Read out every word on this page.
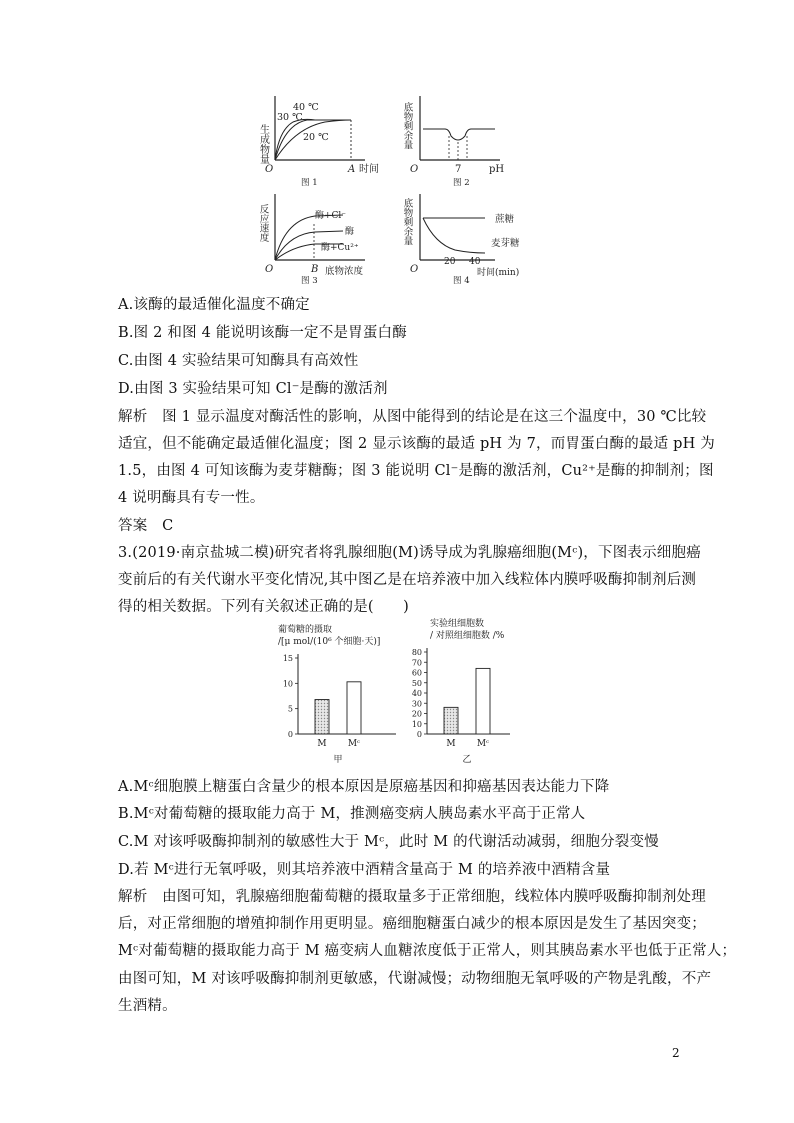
生成物量
O	A 时间
30 ℃
40 ℃
20 ℃
图 1
底物剩余量
O	7	pH
图 2
反应速度
O	B 底物浓度
酶+Cl⁻
酶
酶+Cu²⁺
图 3
底物剩余量
O
20 40
时间(min)
蔗糖
麦芽糖
图 4
A.该酶的最适催化温度不确定
B.图 2 和图 4 能说明该酶一定不是胃蛋白酶
C.由图 4 实验结果可知酶具有高效性
D.由图 3 实验结果可知 Cl⁻是酶的激活剂
解析　图 1 显示温度对酶活性的影响，从图中能得到的结论是在这三个温度中，30 ℃比较
适宜，但不能确定最适催化温度；图 2 显示该酶的最适 pH 为 7，而胃蛋白酶的最适 pH 为
1.5，由图 4 可知该酶为麦芽糖酶；图 3 能说明 Cl⁻是酶的激活剂，Cu²⁺是酶的抑制剂；图
4 说明酶具有专一性。
答案　C
3.(2019·南京盐城二模)研究者将乳腺细胞(M)诱导成为乳腺癌细胞(Mᶜ)，下图表示细胞癌
变前后的有关代谢水平变化情况,其中图乙是在培养液中加入线粒体内膜呼吸酶抑制剂后测
得的相关数据。下列有关叙述正确的是(　　)
葡萄糖的摄取
/[μ mol/(10⁶ 个细胞·天)]
0
5
10
15
M Mᶜ
甲
实验组细胞数
/ 对照组细胞数 /%
0
10
20
30
40
50
60
70
80
M Mᶜ
乙
A.Mᶜ细胞膜上糖蛋白含量少的根本原因是原癌基因和抑癌基因表达能力下降
B.Mᶜ对葡萄糖的摄取能力高于 M，推测癌变病人胰岛素水平高于正常人
C.M 对该呼吸酶抑制剂的敏感性大于 Mᶜ，此时 M 的代谢活动减弱，细胞分裂变慢
D.若 Mᶜ进行无氧呼吸，则其培养液中酒精含量高于 M 的培养液中酒精含量
解析　由图可知，乳腺癌细胞葡萄糖的摄取量多于正常细胞，线粒体内膜呼吸酶抑制剂处理
后，对正常细胞的增殖抑制作用更明显。癌细胞糖蛋白减少的根本原因是发生了基因突变；
Mᶜ对葡萄糖的摄取能力高于 M 癌变病人血糖浓度低于正常人，则其胰岛素水平也低于正常人；
由图可知，M 对该呼吸酶抑制剂更敏感，代谢减慢；动物细胞无氧呼吸的产物是乳酸，不产
生酒精。
2
